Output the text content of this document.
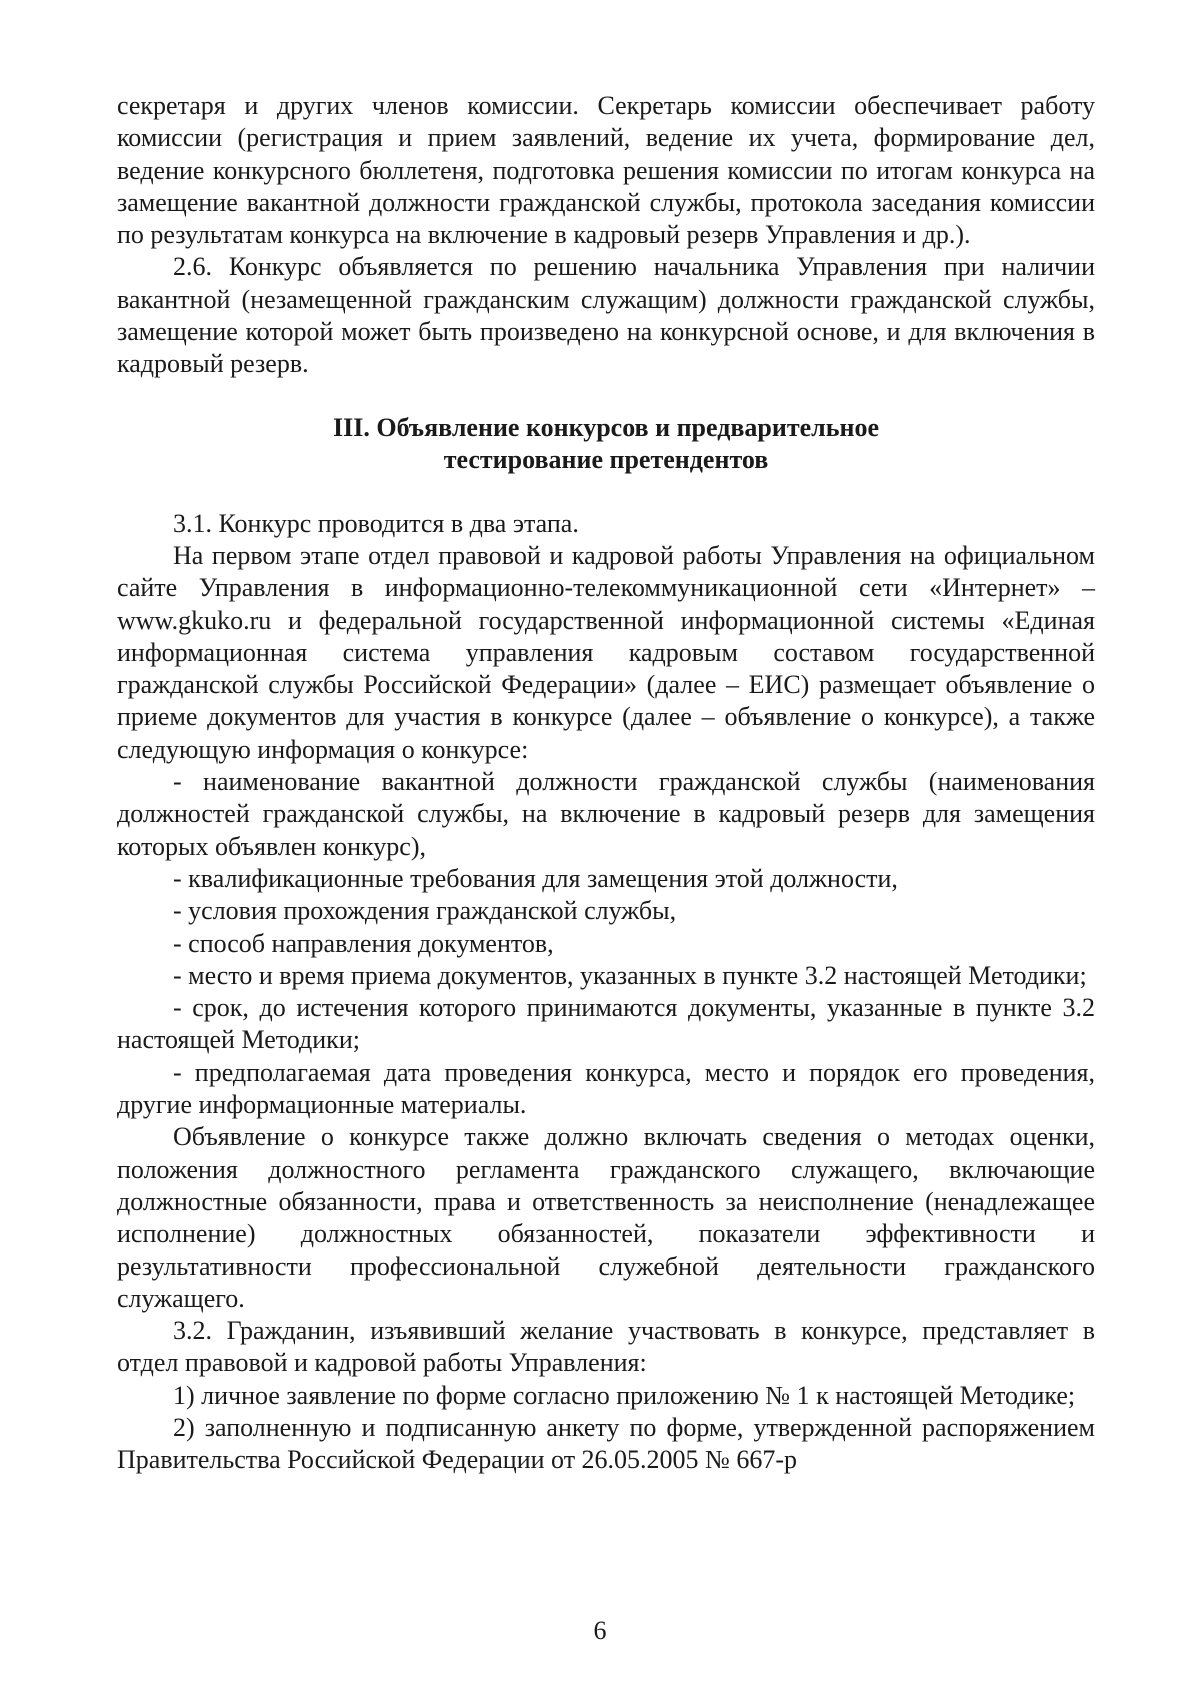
секретаря и других членов комиссии. Секретарь комиссии обеспечивает работу комиссии (регистрация и прием заявлений, ведение их учета, формирование дел, ведение конкурсного бюллетеня, подготовка решения комиссии по итогам конкурса на замещение вакантной должности гражданской службы, протокола заседания комиссии по результатам конкурса на включение в кадровый резерв Управления и др.).

2.6. Конкурс объявляется по решению начальника Управления при наличии вакантной (незамещенной гражданским служащим) должности гражданской службы, замещение которой может быть произведено на конкурсной основе, и для включения в кадровый резерв.

III. Объявление конкурсов и предварительное
тестирование претендентов

3.1. Конкурс проводится в два этапа.

На первом этапе отдел правовой и кадровой работы Управления на официальном сайте Управления в информационно-телекоммуникационной сети «Интернет» – www.gkuko.ru и федеральной государственной информационной системы «Единая информационная система управления кадровым составом государственной гражданской службы Российской Федерации» (далее – ЕИС) размещает объявление о приеме документов для участия в конкурсе (далее – объявление о конкурсе), а также следующую информация о конкурсе:

- наименование вакантной должности гражданской службы (наименования должностей гражданской службы, на включение в кадровый резерв для замещения которых объявлен конкурс),

- квалификационные требования для замещения этой должности,

- условия прохождения гражданской службы,

- способ направления документов,

- место и время приема документов, указанных в пункте 3.2 настоящей Методики;

- срок, до истечения которого принимаются документы, указанные в пункте 3.2 настоящей Методики;

- предполагаемая дата проведения конкурса, место и порядок его проведения, другие информационные материалы.

Объявление о конкурсе также должно включать сведения о методах оценки, положения должностного регламента гражданского служащего, включающие должностные обязанности, права и ответственность за неисполнение (ненадлежащее исполнение) должностных обязанностей, показатели эффективности и результативности профессиональной служебной деятельности гражданского служащего.

3.2. Гражданин, изъявивший желание участвовать в конкурсе, представляет в отдел правовой и кадровой работы Управления:

1) личное заявление по форме согласно приложению № 1 к настоящей Методике;

2) заполненную и подписанную анкету по форме, утвержденной распоряжением Правительства Российской Федерации от 26.05.2005 № 667-р

6
